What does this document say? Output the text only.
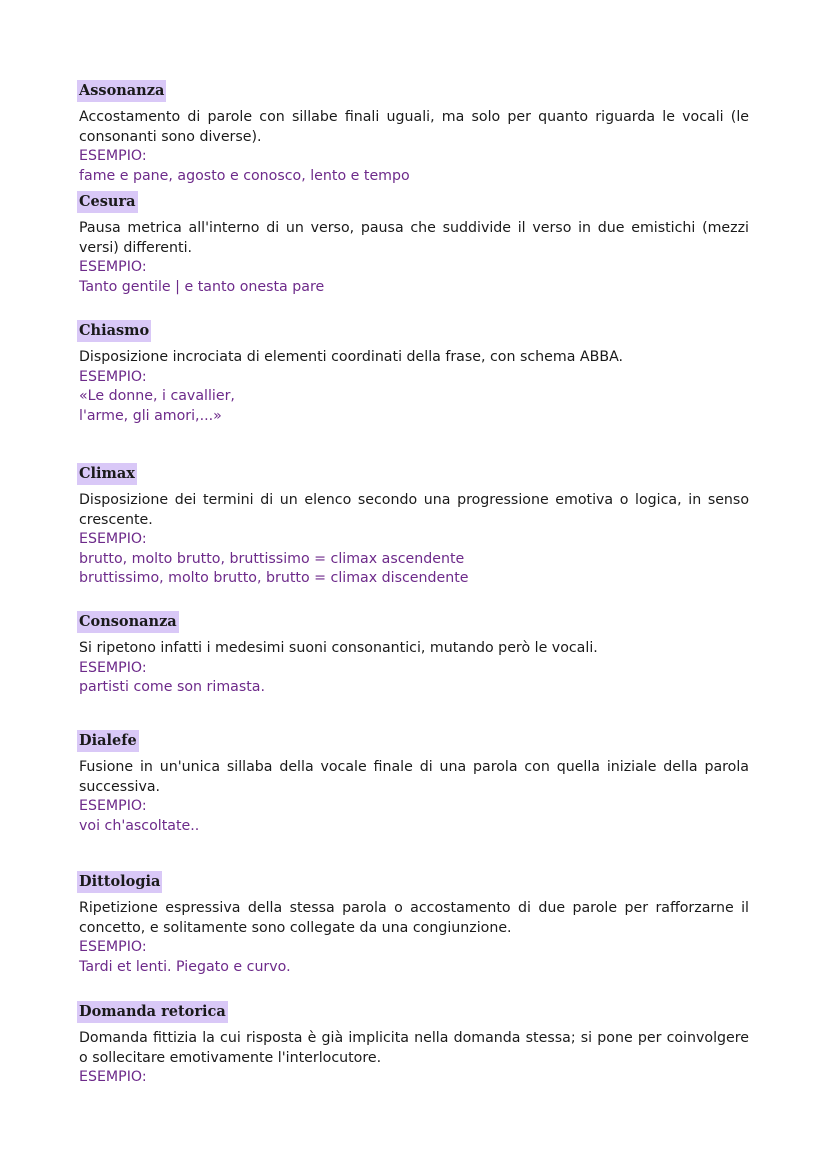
Assonanza
Accostamento di parole con sillabe finali uguali, ma solo per quanto riguarda le vocali (le consonanti sono diverse).
ESEMPIO:
fame e pane, agosto e conosco, lento e tempo
Cesura
Pausa metrica all'interno di un verso, pausa che suddivide il verso in due emistichi (mezzi versi) differenti.
ESEMPIO:
Tanto gentile | e tanto onesta pare
Chiasmo
Disposizione incrociata di elementi coordinati della frase, con schema ABBA.
ESEMPIO:
«Le donne, i cavallier,
l'arme, gli amori,...»
Climax
Disposizione dei termini di un elenco secondo una progressione emotiva o logica, in senso crescente.
ESEMPIO:
brutto, molto brutto, bruttissimo = climax ascendente
bruttissimo, molto brutto, brutto = climax discendente
Consonanza
Si ripetono infatti i medesimi suoni consonantici, mutando però le vocali.
ESEMPIO:
partisti come son rimasta.
Dialefe
Fusione in un'unica sillaba della vocale finale di una parola con quella iniziale della parola successiva.
ESEMPIO:
voi ch'ascoltate..
Dittologia
Ripetizione espressiva della stessa parola o accostamento di due parole per rafforzarne il concetto, e solitamente sono collegate da una congiunzione.
ESEMPIO:
Tardi et lenti. Piegato e curvo.
Domanda retorica
Domanda fittizia la cui risposta è già implicita nella domanda stessa; si pone per coinvolgere o sollecitare emotivamente l'interlocutore.
ESEMPIO:
